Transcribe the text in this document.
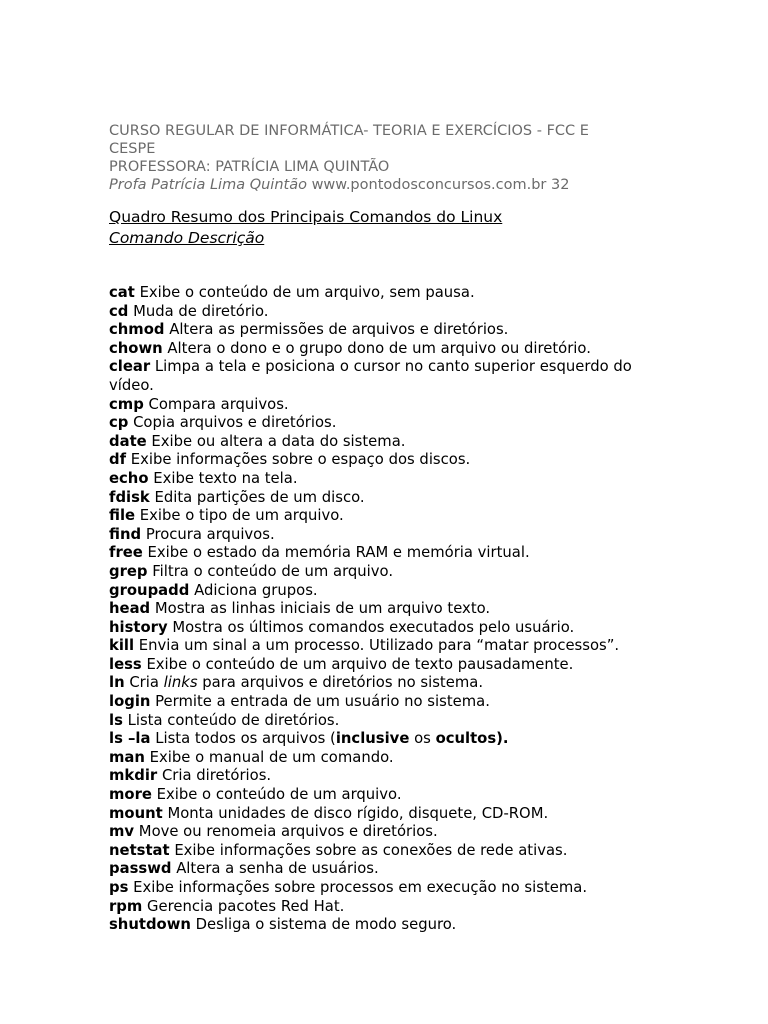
CURSO REGULAR DE INFORMÁTICA- TEORIA E EXERCÍCIOS - FCC E CESPE
PROFESSORA: PATRÍCIA LIMA QUINTÃO
Profa Patrícia Lima Quintão www.pontodosconcursos.com.br 32
Quadro Resumo dos Principais Comandos do Linux
Comando Descrição
cat Exibe o conteúdo de um arquivo, sem pausa.
cd Muda de diretório.
chmod Altera as permissões de arquivos e diretórios.
chown Altera o dono e o grupo dono de um arquivo ou diretório.
clear Limpa a tela e posiciona o cursor no canto superior esquerdo do vídeo.
cmp Compara arquivos.
cp Copia arquivos e diretórios.
date Exibe ou altera a data do sistema.
df Exibe informações sobre o espaço dos discos.
echo Exibe texto na tela.
fdisk Edita partições de um disco.
file Exibe o tipo de um arquivo.
find Procura arquivos.
free Exibe o estado da memória RAM e memória virtual.
grep Filtra o conteúdo de um arquivo.
groupadd Adiciona grupos.
head Mostra as linhas iniciais de um arquivo texto.
history Mostra os últimos comandos executados pelo usuário.
kill Envia um sinal a um processo. Utilizado para “matar processos”.
less Exibe o conteúdo de um arquivo de texto pausadamente.
ln Cria links para arquivos e diretórios no sistema.
login Permite a entrada de um usuário no sistema.
ls Lista conteúdo de diretórios.
ls –la Lista todos os arquivos (inclusive os ocultos).
man Exibe o manual de um comando.
mkdir Cria diretórios.
more Exibe o conteúdo de um arquivo.
mount Monta unidades de disco rígido, disquete, CD-ROM.
mv Move ou renomeia arquivos e diretórios.
netstat Exibe informações sobre as conexões de rede ativas.
passwd Altera a senha de usuários.
ps Exibe informações sobre processos em execução no sistema.
rpm Gerencia pacotes Red Hat.
shutdown Desliga o sistema de modo seguro.
